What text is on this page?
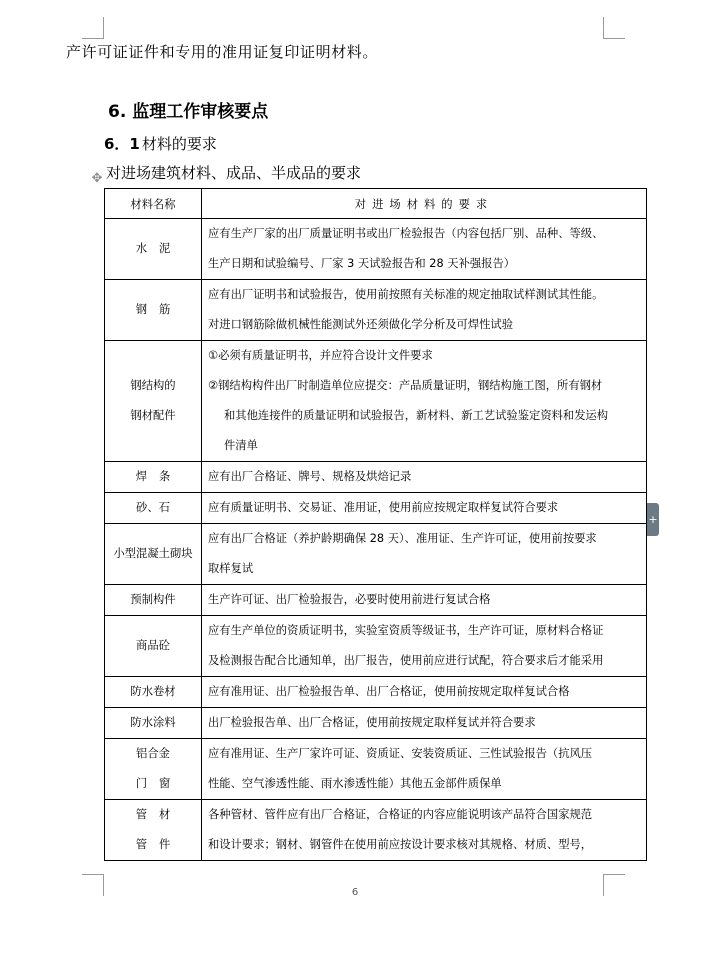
产许可证证件和专用的准用证复印证明材料。
6. 监理工作审核要点
6．1 材料的要求
对进场建筑材料、成品、半成品的要求
✥
材料名称	对进场材料的要求

水泥	应有生产厂家的出厂质量证明书或出厂检验报告（内容包括厂别、品种、等级、
生产日期和试验编号、厂家 3 天试验报告和 28 天补强报告）

钢筋	应有出厂证明书和试验报告，使用前按照有关标准的规定抽取试样测试其性能。
对进口钢筋除做机械性能测试外还须做化学分析及可焊性试验

钢结构的
钢材配件	①必须有质量证明书，并应符合设计文件要求
②钢结构构件出厂时制造单位应提交：产品质量证明，钢结构施工图，所有钢材
和其他连接件的质量证明和试验报告，新材料、新工艺试验鉴定资料和发运构
件清单

焊条	应有出厂合格证、牌号、规格及烘焙记录

砂、石	应有质量证明书、交易证、准用证，使用前应按规定取样复试符合要求

小型混凝土砌块	应有出厂合格证（养护龄期确保 28 天）、准用证、生产许可证，使用前按要求
取样复试

预制构件	生产许可证、出厂检验报告，必要时使用前进行复试合格

商品砼	应有生产单位的资质证明书，实验室资质等级证书，生产许可证，原材料合格证
及检测报告配合比通知单，出厂报告，使用前应进行试配，符合要求后才能采用

防水卷材	应有准用证、出厂检验报告单、出厂合格证，使用前按规定取样复试合格

防水涂料	出厂检验报告单、出厂合格证，使用前按规定取样复试并符合要求

铝合金
门窗	应有准用证、生产厂家许可证、资质证、安装资质证、三性试验报告（抗风压
性能、空气渗透性能、雨水渗透性能）其他五金部件质保单

管材
管件	各种管材、管件应有出厂合格证，合格证的内容应能说明该产品符合国家规范
和设计要求；钢材、钢管件在使用前应按设计要求核对其规格、材质、型号，
6
+
